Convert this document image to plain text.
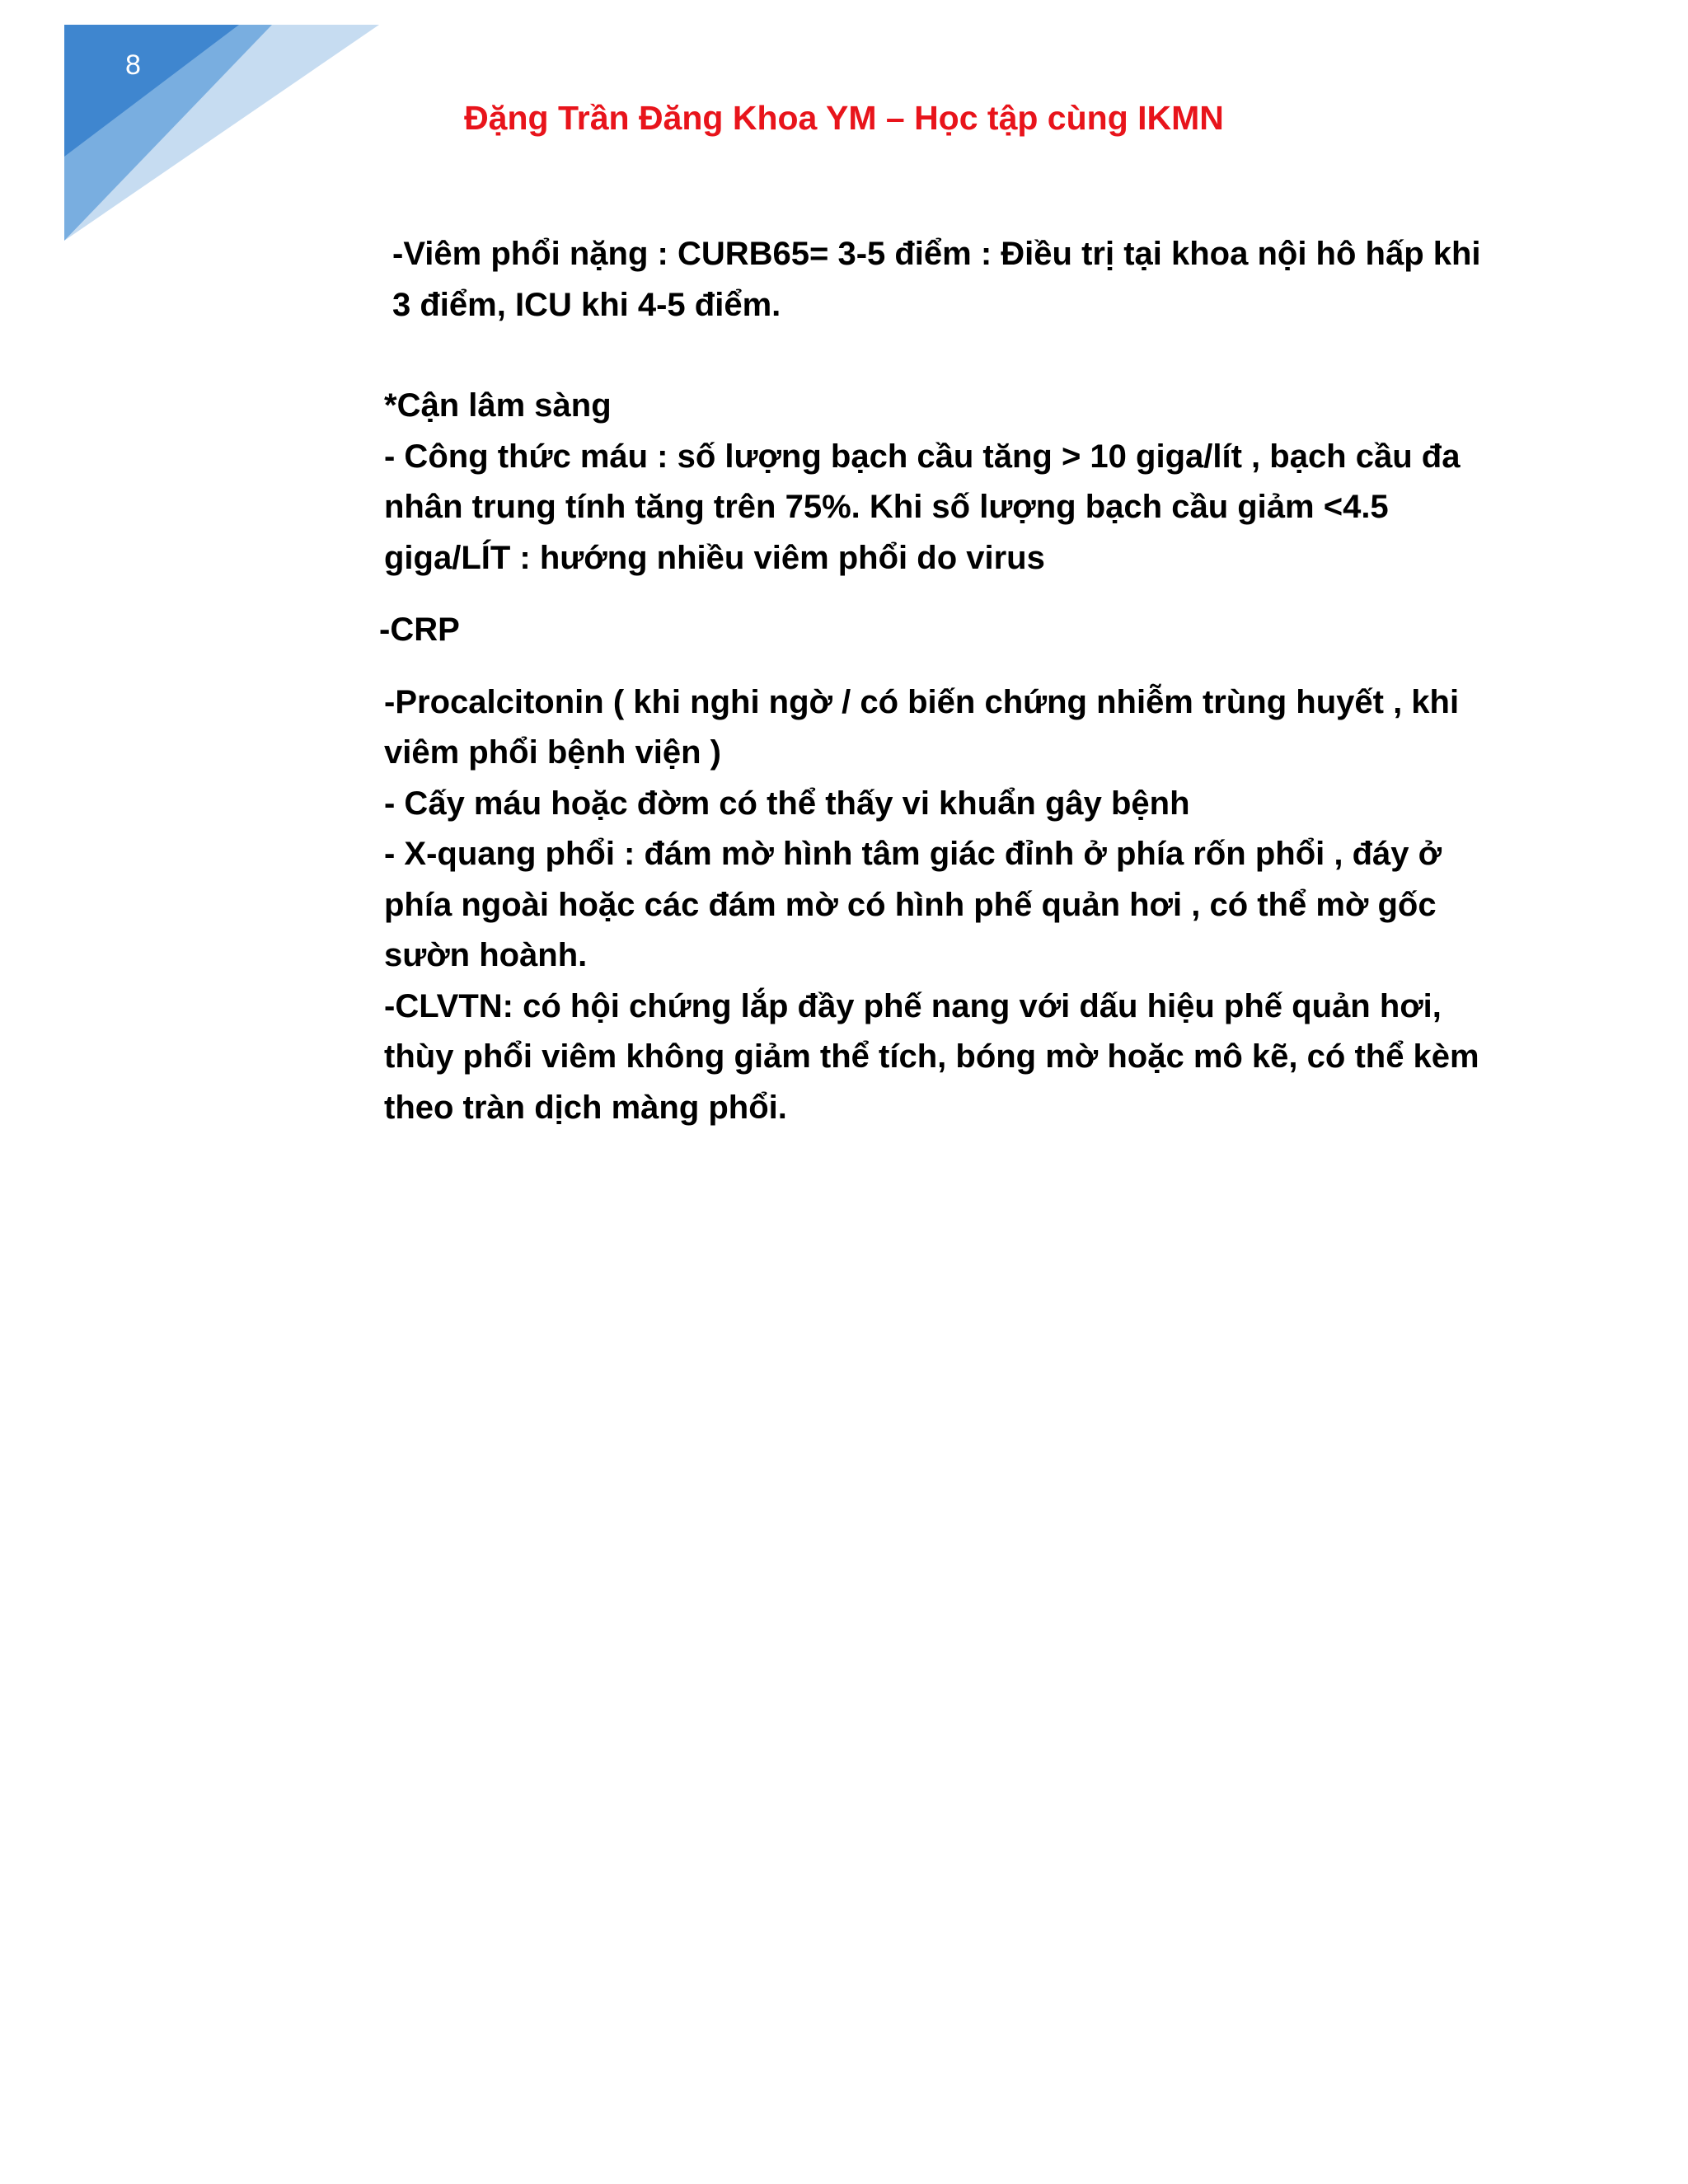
8
Đặng Trần Đăng Khoa YM – Học tập cùng IKMN

-Viêm phổi nặng : CURB65= 3-5 điểm : Điều trị tại khoa nội hô hấp khi 3 điểm, ICU khi 4-5 điểm.

*Cận lâm sàng

- Công thức máu : số lượng bạch cầu tăng > 10 giga/lít , bạch cầu đa nhân trung tính tăng trên 75%. Khi số lượng bạch cầu giảm <4.5 giga/LÍT : hướng nhiều viêm phổi do virus

-CRP

-Procalcitonin ( khi nghi ngờ / có biến chứng nhiễm trùng huyết , khi viêm phổi bệnh viện )

- Cấy máu hoặc đờm có thể thấy vi khuẩn gây bệnh

- X-quang phổi : đám mờ hình tâm giác đỉnh ở phía rốn phổi , đáy ở phía ngoài hoặc các đám mờ có hình phế quản hơi , có thể mờ gốc sườn hoành.

-CLVTN: có hội chứng lắp đầy phế nang với dấu hiệu phế quản hơi, thùy phổi viêm không giảm thể tích, bóng mờ hoặc mô kẽ, có thể kèm theo tràn dịch màng phổi.
